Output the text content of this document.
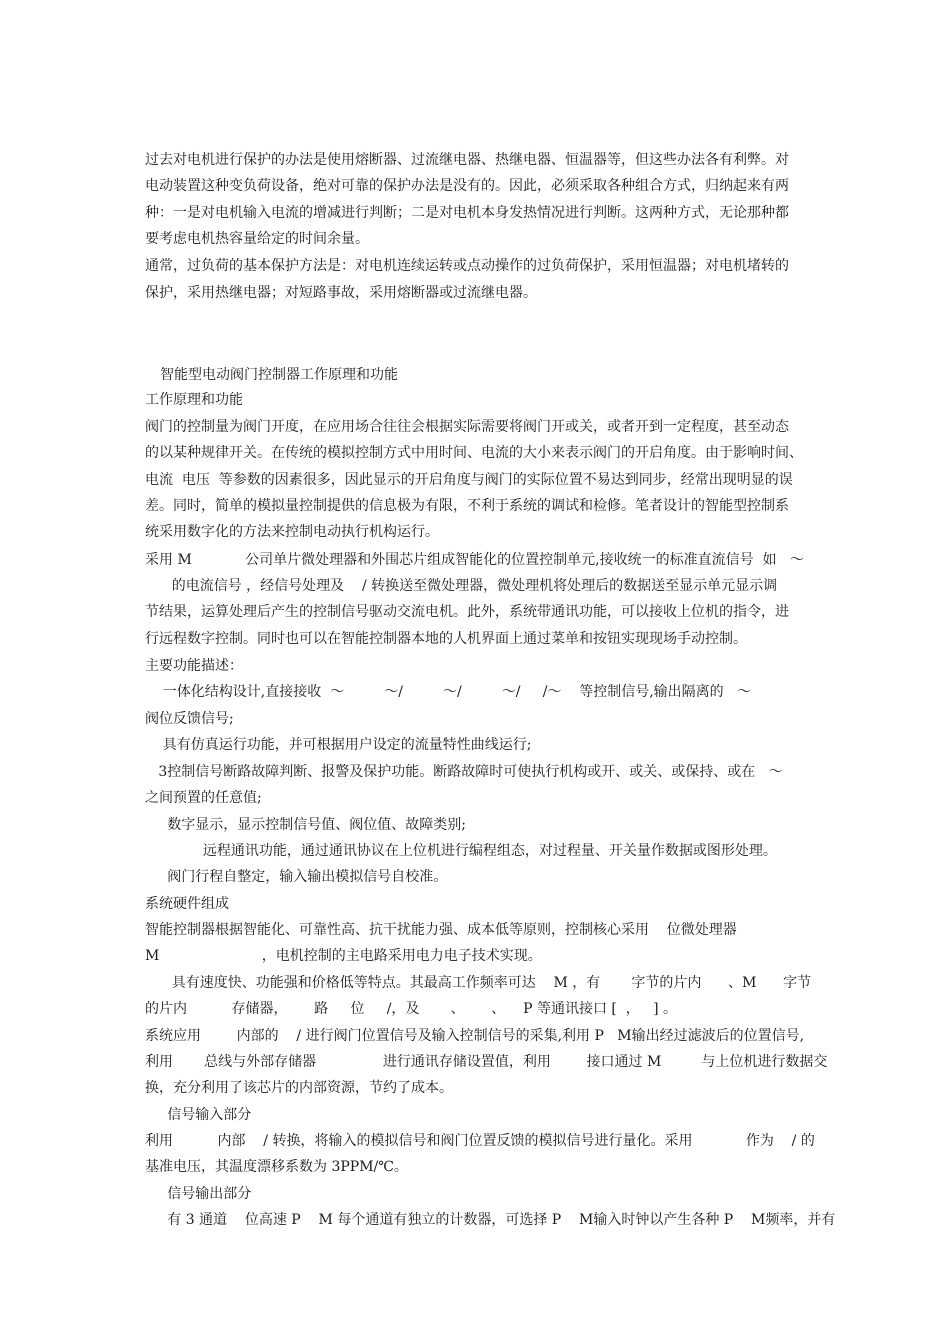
过去对电机进行保护的办法是使用熔断器、过流继电器、热继电器、恒温器等，但这些办法各有利弊。对
电动装置这种变负荷设备，绝对可靠的保护办法是没有的。因此，必须采取各种组合方式，归纳起来有两
种：一是对电机输入电流的增减进行判断；二是对电机本身发热情况进行判断。这两种方式，无论那种都
要考虑电机热容量给定的时间余量。
通常，过负荷的基本保护方法是：对电机连续运转或点动操作的过负荷保护，采用恒温器；对电机堵转的
保护，采用热继电器；对短路事故，采用熔断器或过流继电器。
智能型电动阀门控制器工作原理和功能
工作原理和功能
阀门的控制量为阀门开度，在应用场合往往会根据实际需要将阀门开或关，或者开到一定程度，甚至动态
的以某种规律开关。在传统的模拟控制方式中用时间、电流的大小来表示阀门的开启角度。由于影响时间、
电流  电压  等参数的因素很多，因此显示的开启角度与阀门的实际位置不易达到同步，经常出现明显的误
差。同时，简单的模拟量控制提供的信息极为有限，不利于系统的调试和检修。笔者设计的智能型控制系
统采用数字化的方法来控制电动执行机构运行。
采用 M            公司单片微处理器和外围芯片组成智能化的位置控制单元,接收统一的标准直流信号  如   ～
的电流信号 ，经信号处理及    / 转换送至微处理器，微处理机将处理后的数据送至显示单元显示调
节结果，运算处理后产生的控制信号驱动交流电机。此外，系统带通讯功能，可以接收上位机的指令，进
行远程数字控制。同时也可以在智能控制器本地的人机界面上通过菜单和按钮实现现场手动控制。
主要功能描述：
一体化结构设计,直接接收  ～         ～/         ～/         ～/     /～    等控制信号,输出隔离的   ～
阀位反馈信号;
具有仿真运行功能，并可根据用户设定的流量特性曲线运行;
3控制信号断路故障判断、报警及保护功能。断路故障时可使执行机构或开、或关、或保持、或在   ～
之间预置的任意值;
数字显示，显示控制信号值、阀位值、故障类别;
远程通讯功能，通过通讯协议在上位机进行编程组态，对过程量、开关量作数据或图形处理。
阀门行程自整定，输入输出模拟信号自校准。
系统硬件组成
智能控制器根据智能化、可靠性高、抗干扰能力强、成本低等原则，控制核心采用    位微处理器
M                       ，电机控制的主电路采用电力电子技术实现。
具有速度快、功能强和价格低等特点。其最高工作频率可达    M ，有       字节的片内      、M      字节
的片内          存储器，      路     位     /，及       、      、    P 等通讯接口 [  ，   ] 。
系统应用        内部的    / 进行阀门位置信号及输入控制信号的采集,利用 P   M输出经过滤波后的位置信号,
利用       总线与外部存储器               进行通讯存储设置值，利用        接口通过 M         与上位机进行数据交
换，充分利用了该芯片的内部资源，节约了成本。
信号输入部分
利用          内部    / 转换，将输入的模拟信号和阀门位置反馈的模拟信号进行量化。采用            作为    / 的
基准电压，其温度漂移系数为 3PPM/℃。
信号输出部分
有 3 通道    位高速 P    M 每个通道有独立的计数器，可选择 P    M输入时钟以产生各种 P    M频率，并有
